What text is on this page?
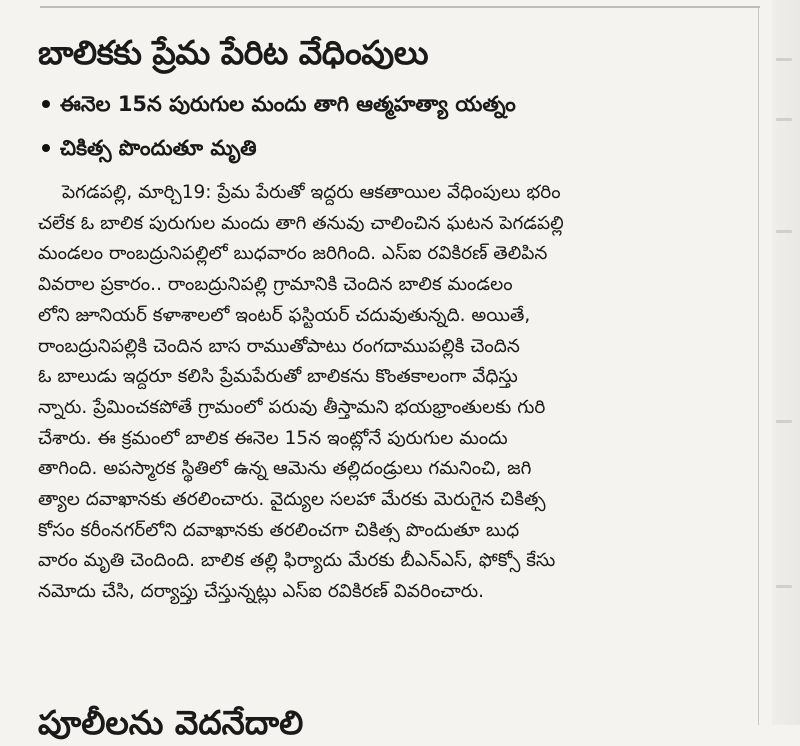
బాలికకు ప్రేమ పేరిట వేధింపులు
ఈనెల 15న పురుగుల మందు తాగి ఆత్మహత్యా యత్నం
చికిత్స పొందుతూ మృతి
పెగడపల్లి, మార్చి19: ప్రేమ పేరుతో ఇద్దరు ఆకతాయిల వేధింపులు భరిం
చలేక ఓ బాలిక పురుగుల మందు తాగి తనువు చాలించిన ఘటన పెగడపల్లి
మండలం రాంబద్రునిపల్లిలో బుధవారం జరిగింది. ఎస్‌ఐ రవికిరణ్ తెలిపిన
వివరాల ప్రకారం.. రాంబద్రునిపల్లి గ్రామానికి చెందిన బాలిక మండలం
లోని జూనియర్ కళాశాలలో ఇంటర్ ఫస్టియర్ చదువుతున్నది. అయితే,
రాంబద్రునిపల్లికి చెందిన బాస రాముతోపాటు రంగదాముపల్లికి చెందిన
ఓ బాలుడు ఇద్దరూ కలిసి ప్రేమపేరుతో బాలికను కొంతకాలంగా వేధిస్తు
న్నారు. ప్రేమించకపోతే గ్రామంలో పరువు తీస్తామని భయభ్రాంతులకు గురి
చేశారు. ఈ క్రమంలో బాలిక ఈనెల 15న ఇంట్లోనే పురుగుల మందు
తాగింది. అపస్మారక స్థితిలో ఉన్న ఆమెను తల్లిదండ్రులు గమనించి, జగి
త్యాల దవాఖానకు తరలించారు. వైద్యుల సలహా మేరకు మెరుగైన చికిత్స
కోసం కరీంనగర్‌లోని దవాఖానకు తరలించగా చికిత్స పొందుతూ బుధ
వారం మృతి చెందింది. బాలిక తల్లి ఫిర్యాదు మేరకు బీఎన్‌ఎస్, ఫోక్సో కేసు
నమోదు చేసి, దర్యాప్తు చేస్తున్నట్లు ఎస్‌ఐ రవికిరణ్ వివరించారు.
పూలీలను వెదనేదాలి
